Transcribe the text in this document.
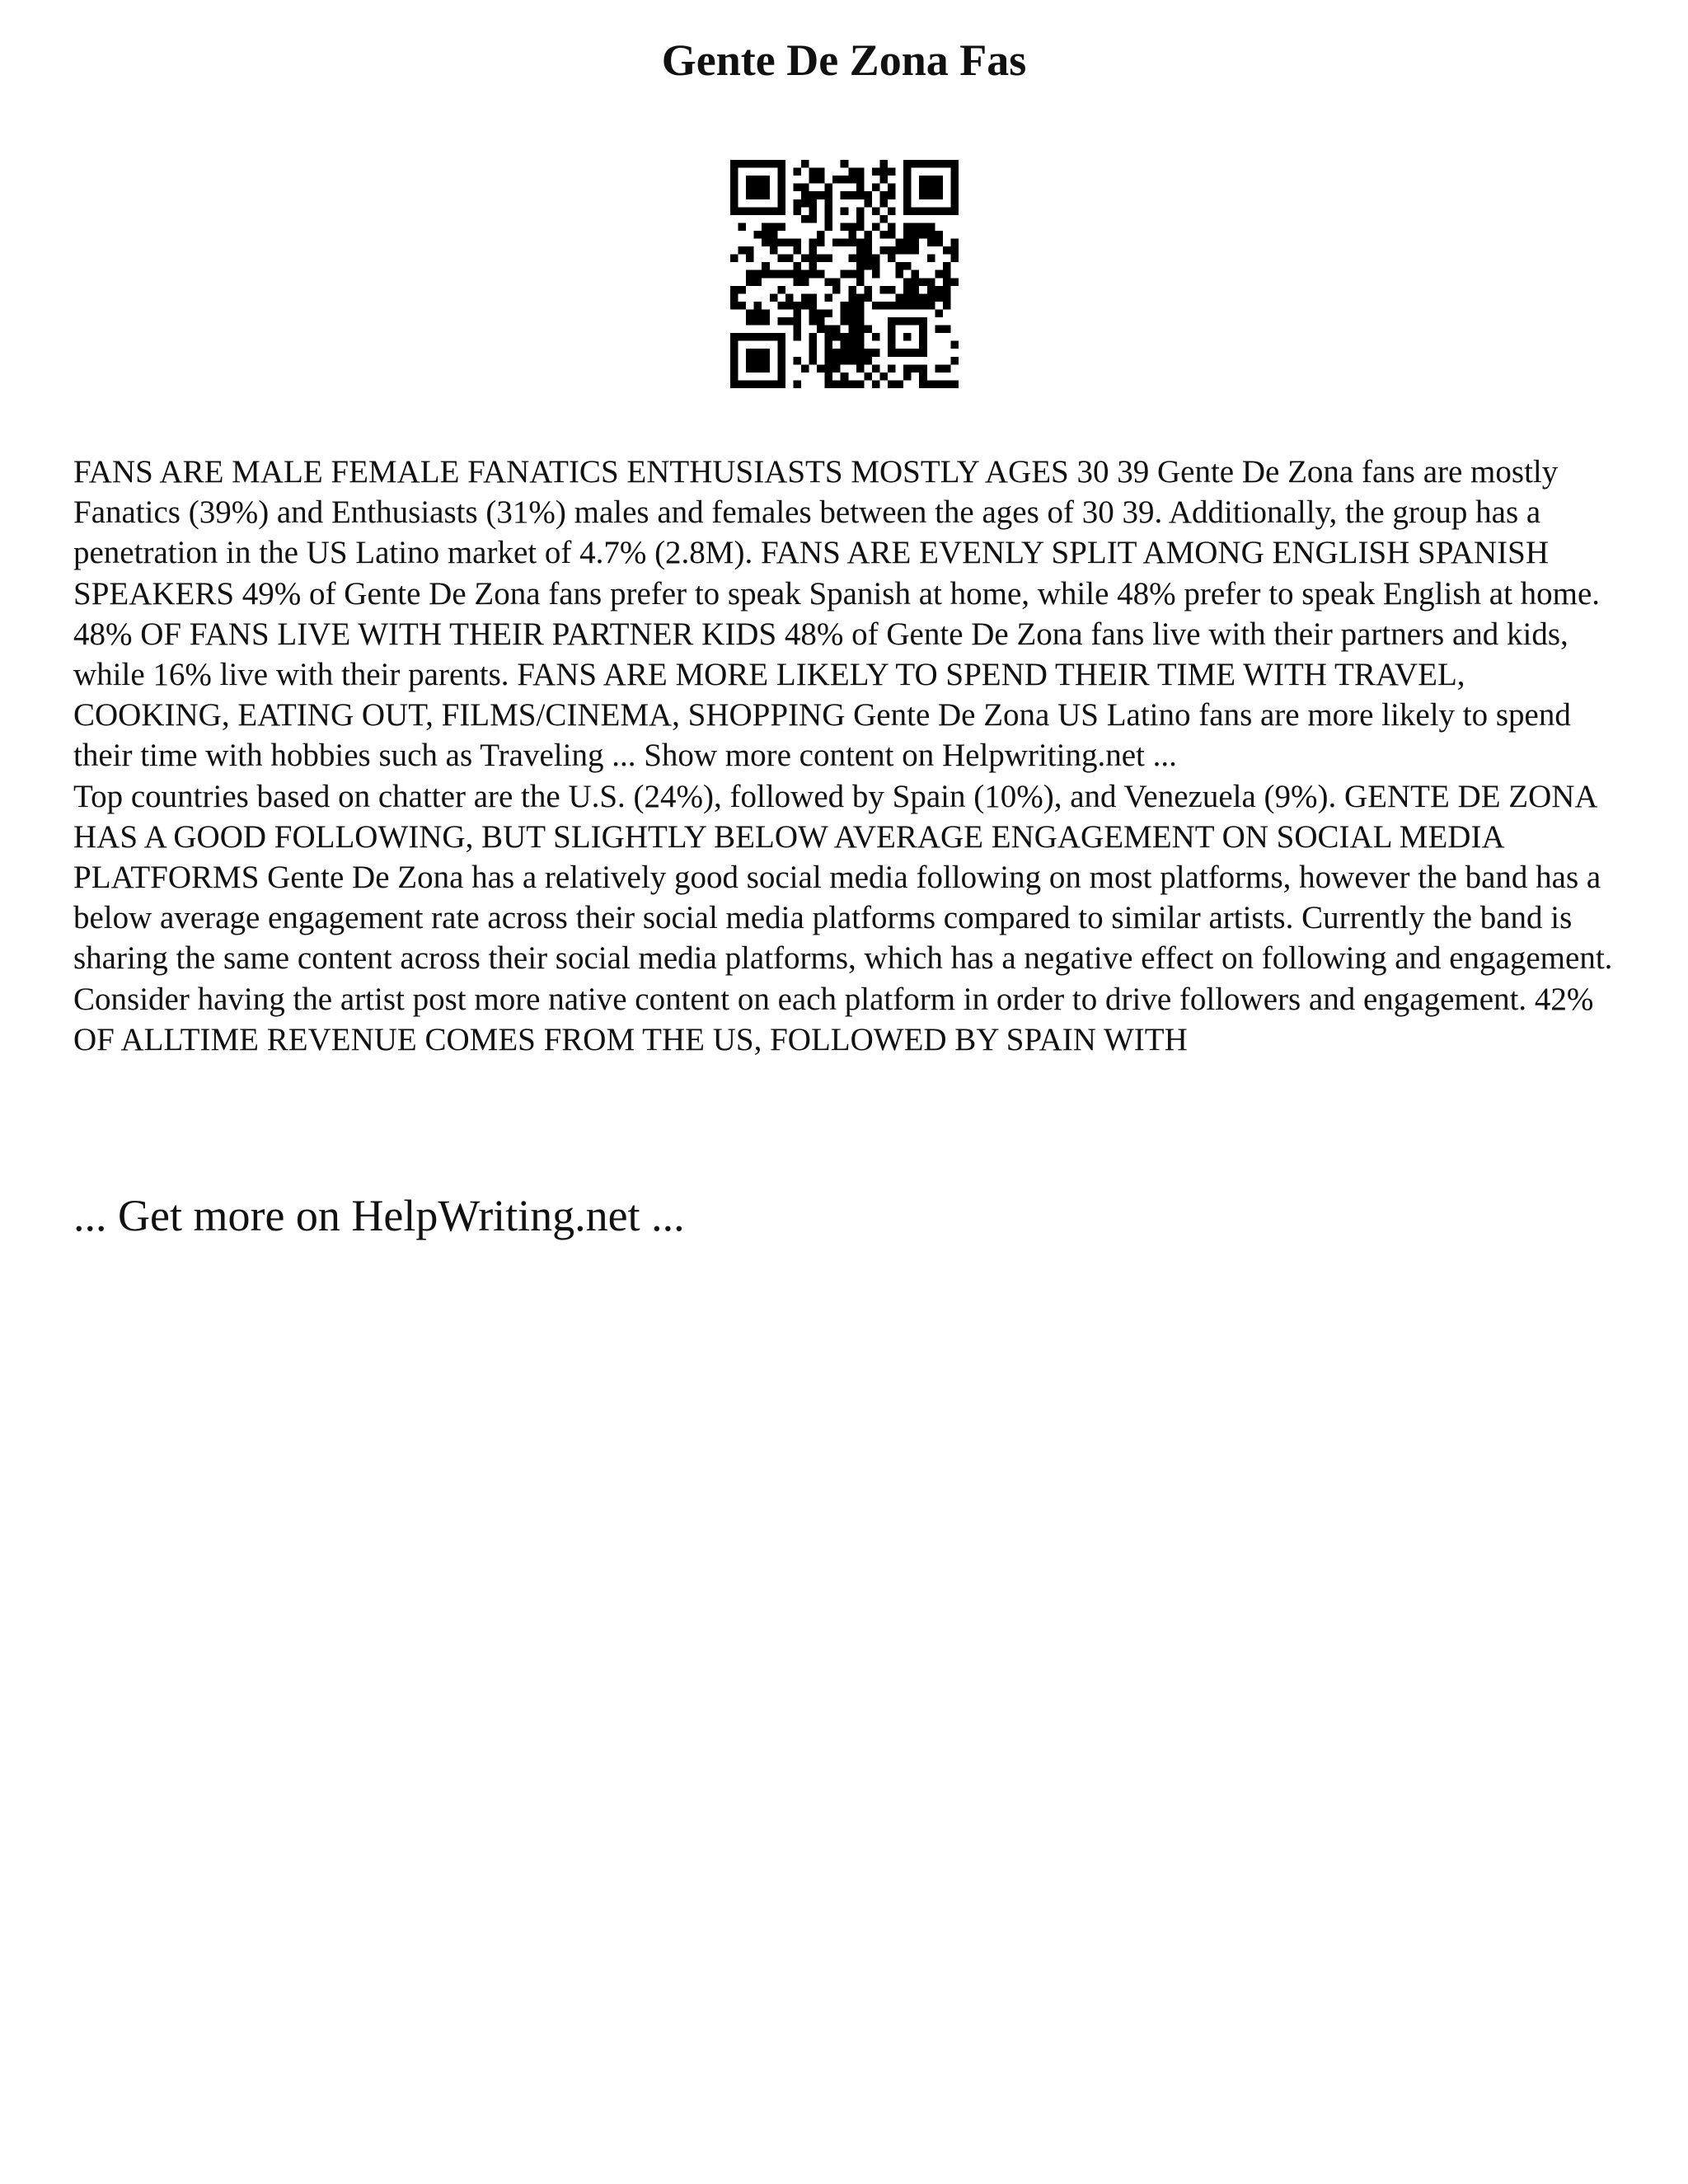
Gente De Zona Fas

FANS ARE MALE FEMALE FANATICS ENTHUSIASTS MOSTLY AGES 30 39 Gente De Zona fans are mostly Fanatics (39%) and Enthusiasts (31%) males and females between the ages of 30 39. Additionally, the group has a penetration in the US Latino market of 4.7% (2.8M). FANS ARE EVENLY SPLIT AMONG ENGLISH SPANISH SPEAKERS 49% of Gente De Zona fans prefer to speak Spanish at home, while 48% prefer to speak English at home. 48% OF FANS LIVE WITH THEIR PARTNER KIDS 48% of Gente De Zona fans live with their partners and kids, while 16% live with their parents. FANS ARE MORE LIKELY TO SPEND THEIR TIME WITH TRAVEL, COOKING, EATING OUT, FILMS/CINEMA, SHOPPING Gente De Zona US Latino fans are more likely to spend their time with hobbies such as Traveling ... Show more content on Helpwriting.net ...

Top countries based on chatter are the U.S. (24%), followed by Spain (10%), and Venezuela (9%). GENTE DE ZONA HAS A GOOD FOLLOWING, BUT SLIGHTLY BELOW AVERAGE ENGAGEMENT ON SOCIAL MEDIA PLATFORMS Gente De Zona has a relatively good social media following on most platforms, however the band has a below average engagement rate across their social media platforms compared to similar artists. Currently the band is sharing the same content across their social media platforms, which has a negative effect on following and engagement. Consider having the artist post more native content on each platform in order to drive followers and engagement. 42% OF ALLTIME REVENUE COMES FROM THE US, FOLLOWED BY SPAIN WITH

... Get more on HelpWriting.net ...
